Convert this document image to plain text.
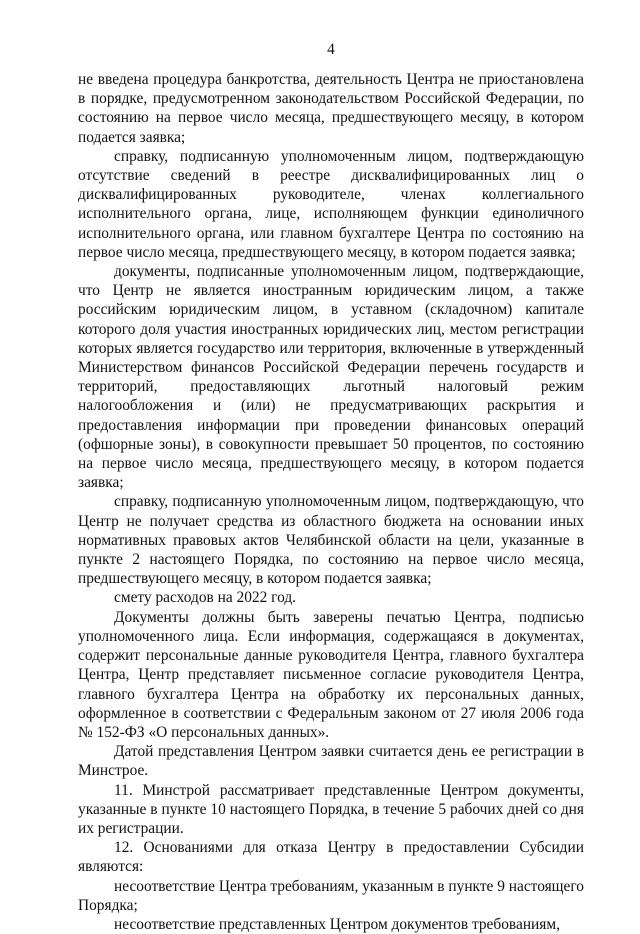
4

не введена процедура банкротства, деятельность Центра не приостановлена в порядке, предусмотренном законодательством Российской Федерации, по состоянию на первое число месяца, предшествующего месяцу, в котором подается заявка;

справку, подписанную уполномоченным лицом, подтверждающую отсутствие сведений в реестре дисквалифицированных лиц о дисквалифицированных руководителе, членах коллегиального исполнительного органа, лице, исполняющем функции единоличного исполнительного органа, или главном бухгалтере Центра по состоянию на первое число месяца, предшествующего месяцу, в котором подается заявка;

документы, подписанные уполномоченным лицом, подтверждающие, что Центр не является иностранным юридическим лицом, а также российским юридическим лицом, в уставном (складочном) капитале которого доля участия иностранных юридических лиц, местом регистрации которых является государство или территория, включенные в утвержденный Министерством финансов Российской Федерации перечень государств и территорий, предоставляющих льготный налоговый режим налогообложения и (или) не предусматривающих раскрытия и предоставления информации при проведении финансовых операций (офшорные зоны), в совокупности превышает 50 процентов, по состоянию на первое число месяца, предшествующего месяцу, в котором подается заявка;

справку, подписанную уполномоченным лицом, подтверждающую, что Центр не получает средства из областного бюджета на основании иных нормативных правовых актов Челябинской области на цели, указанные в пункте 2 настоящего Порядка, по состоянию на первое число месяца, предшествующего месяцу, в котором подается заявка;

смету расходов на 2022 год.

Документы должны быть заверены печатью Центра, подписью уполномоченного лица. Если информация, содержащаяся в документах, содержит персональные данные руководителя Центра, главного бухгалтера Центра, Центр представляет письменное согласие руководителя Центра, главного бухгалтера Центра на обработку их персональных данных, оформленное в соответствии с Федеральным законом от 27 июля 2006 года № 152-ФЗ «О персональных данных».

Датой представления Центром заявки считается день ее регистрации в Минстрое.

11. Минстрой рассматривает представленные Центром документы, указанные в пункте 10 настоящего Порядка, в течение 5 рабочих дней со дня их регистрации.

12. Основаниями для отказа Центру в предоставлении Субсидии являются:

несоответствие Центра требованиям, указанным в пункте 9 настоящего Порядка;

несоответствие представленных Центром документов требованиям,
